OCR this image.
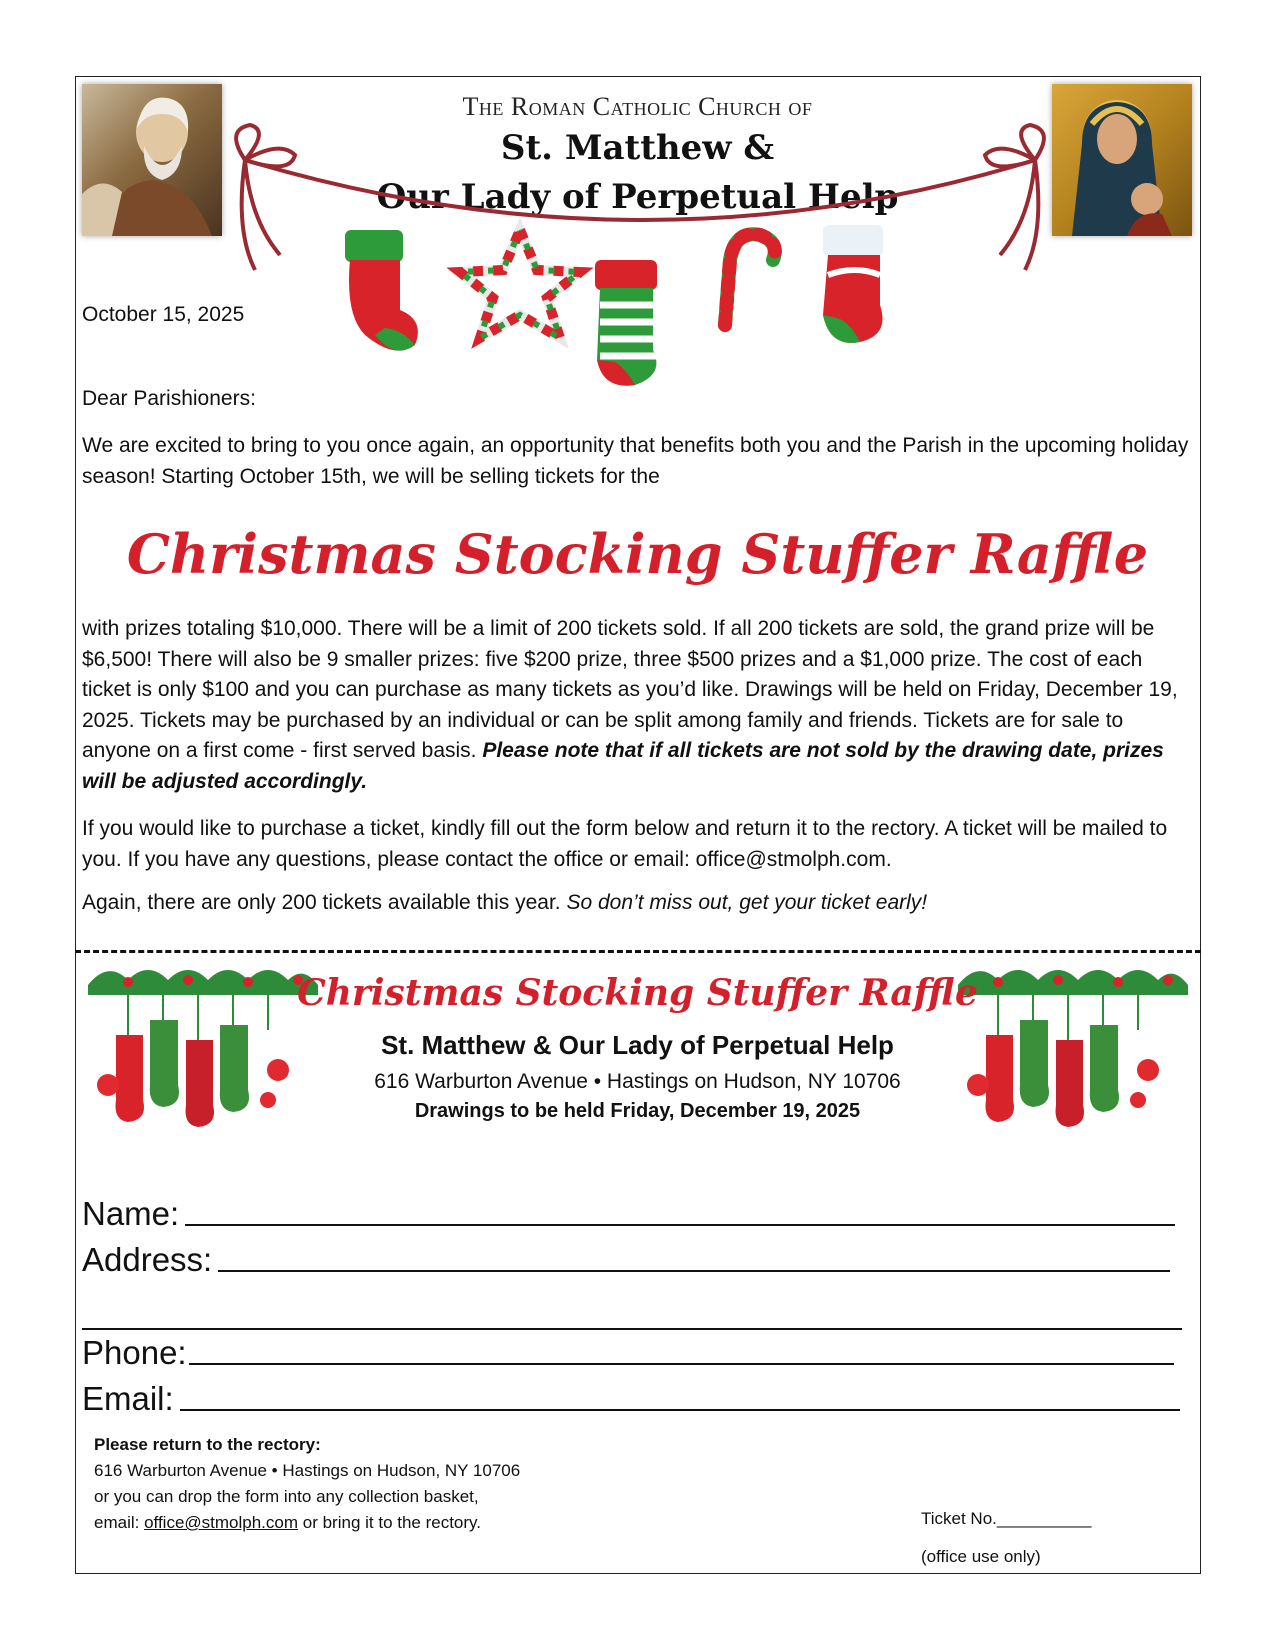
The Roman Catholic Church of
St. Matthew &
Our Lady of Perpetual Help
October 15, 2025
Dear Parishioners:
We are excited to bring to you once again, an opportunity that benefits both you and the Parish in the upcoming holiday season! Starting October 15th, we will be selling tickets for the
Christmas Stocking Stuffer Raffle
with prizes totaling $10,000. There will be a limit of 200 tickets sold. If all 200 tickets are sold, the grand prize will be $6,500! There will also be 9 smaller prizes: five $200 prize, three $500 prizes and a $1,000 prize. The cost of each ticket is only $100 and you can purchase as many tickets as you’d like. Drawings will be held on Friday, December 19, 2025. Tickets may be purchased by an individual or can be split among family and friends. Tickets are for sale to anyone on a first come - first served basis. Please note that if all tickets are not sold by the drawing date, prizes will be adjusted accordingly.
If you would like to purchase a ticket, kindly fill out the form below and return it to the rectory. A ticket will be mailed to you. If you have any questions, please contact the office or email: office@stmolph.com.
Again, there are only 200 tickets available this year. So don’t miss out, get your ticket early!
Christmas Stocking Stuffer Raffle
St. Matthew & Our Lady of Perpetual Help
616 Warburton Avenue • Hastings on Hudson, NY 10706
Drawings to be held Friday, December 19, 2025
Name:
Address:
Phone:
Email:
Please return to the rectory:
616 Warburton Avenue • Hastings on Hudson, NY 10706
or you can drop the form into any collection basket,
email: office@stmolph.com or bring it to the rectory.	Ticket No.__________
(office use only)
